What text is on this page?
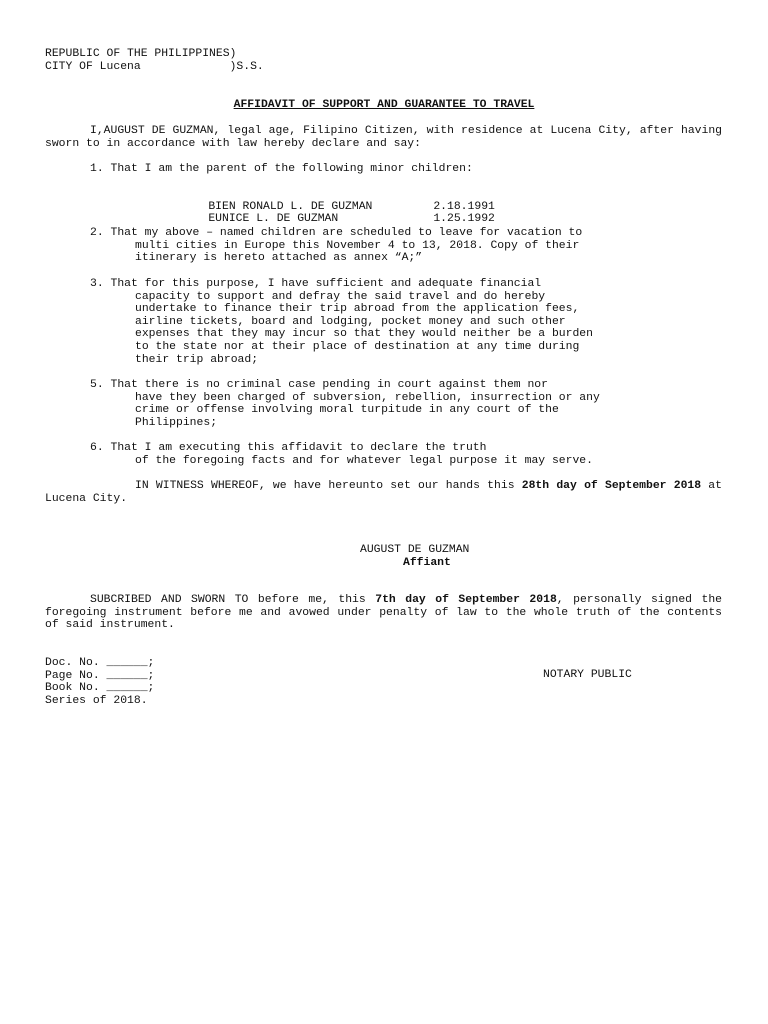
REPUBLIC OF THE PHILIPPINES)
CITY OF Lucena             )S.S.
AFFIDAVIT OF SUPPORT AND GUARANTEE TO TRAVEL
I,AUGUST DE GUZMAN, legal age, Filipino Citizen, with residence at Lucena City, after having sworn to in accordance with law hereby declare and say:
1. That I am the parent of the following minor children:

BIEN RONALD L. DE GUZMAN	2.18.1991

EUNICE L. DE GUZMAN	1.25.1992

2. That my above – named children are scheduled to leave for vacation to
multi cities in Europe this November 4 to 13, 2018. Copy of their
itinerary is hereto attached as annex “A;”
3. That for this purpose, I have sufficient and adequate financial
capacity to support and defray the said travel and do hereby
undertake to finance their trip abroad from the application fees,
airline tickets, board and lodging, pocket money and such other
expenses that they may incur so that they would neither be a burden
to the state nor at their place of destination at any time during
their trip abroad;
5. That there is no criminal case pending in court against them nor
have they been charged of subversion, rebellion, insurrection or any
crime or offense involving moral turpitude in any court of the
Philippines;
6. That I am executing this affidavit to declare the truth
of the foregoing facts and for whatever legal purpose it may serve.
IN WITNESS WHEREOF, we have hereunto set our hands this 28th day of September 2018 at Lucena City.
AUGUST DE GUZMAN
Affiant
SUBCRIBED AND SWORN TO before me, this 7th day of September 2018, personally signed the foregoing instrument before me and avowed under penalty of law to the whole truth of the contents of said instrument.
Doc. No. ______;
Page No. ______;
Book No. ______;
Series of 2018.
NOTARY PUBLIC
